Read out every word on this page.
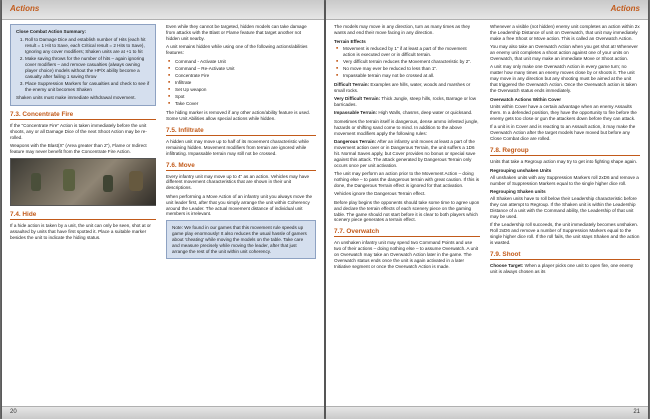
Actions
Close Combat Action Summary:
1. Roll to Damage Dice and establish number of Hits (each hit result = 1 Hit to Save, each Critical result = 2 Hits to Save), Ignoring any cover modifiers; Shaken units are at +1 to hit
2. Make saving throws for the number of hits – again ignoring cover modifiers – and remove casualties (always owning player choice) models without the HP/X ability become a casualty after failing 1 saving throw
3. Place Suppression Markers for casualties and check to see if the enemy unit becomes Shaken
Shaken units must make immediate withdrawal movement.
7.3. Concentrate Fire

If the "Concentrate Fire" Action is taken immediately before the unit shoots, any or all Damage Dice of the next Shoot Action may be re-rolled.

Weapons with the Blast(X" (Area greater than 2"), Flame or Indirect feature may never benefit from the Concentrate Fire Action.

7.4. Hide

If a hide action is taken by a unit, the unit can only be seen, shot at or assaulted by units that have first spotted it. Place a suitable marker besides the unit to indicate the hiding status.

Even while they cannot be targeted, hidden models can take damage from attacks with the Blast or Flame feature that target another not hidden unit nearby.

A unit remains hidden while using one of the following actions/abilities features:

■ Command - Activate Unit
■ Command – Re-Activate Unit
■ Concentrate Fire
■ Infiltrate
■ Set Up weapon
■ Spot
■ Take Cover

The hiding marker is removed if any other action/ability feature is used. Some Unit Abilities allow special actions while hidden.

7.5. Infiltrate

A hidden unit may move up to half of its movement characteristic while remaining hidden. Movement modifiers from terrain are ignored while infiltrating. Impassable terrain may still not be crossed.

7.6. Move

Every infantry unit may move up to 4" as an action. Vehicles may have different movement characteristics that are shown in their unit descriptions.

When performing a Move Action of an infantry unit you always move the unit leader first, after that you simply arrange the unit within Coherency around the Leader. The actual movement distance of individual unit members is irrelevant.

Note: We found in our games that this movement rule speeds up game play enormously! It also reduces the usual hassle of gamers about 'cheating' while moving the models on the table. Take care and measure precisely while moving the leader, after that just arrange the rest of the unit within unit coherency.
20
Actions

The models may move in any direction, turn as many times as they wants and end their move facing in any direction.

Terrain Effects
■ Movement is reduced by 1" if at least a part of the movement action is executed over or in difficult terrain.
■ Very difficult terrain reduces the Movement characteristic by 2".
■ No move may ever be reduced to less than 1".
■ Impassable terrain may not be crossed at all.

Difficult Terrain: Examples are hills, water, woods and marshes or small rocks.

Very Difficult Terrain: Thick Jungle, steep hills, rocks, Barrage or low barricades.

Impassable Terrain: High Walls, chasms, deep water or quicksand.

Sometimes the terrain itself is dangerous, dense ammo infested jungle, hazards or shifting sand come to mind. In addition to the above movement modifiers apply the following rules:

Dangerous Terrain: After an infantry unit moves at least a part of the movement action over or in Dangerous Terrain, the unit suffers a 1D6 hit. Normal Saves apply, but Cover provides no bonus or special save against this attack. The attack generated by Dangerous Terrain only occurs once per unit activation.

The unit may perform an action prior to the Movement Action – doing nothing else – to pass the dangerous terrain with great caution. If this is done, the Dangerous Terrain effect is ignored for that activation.

Vehicles ignore the Dangerous Terrain effect.

Before play begins the opponents should take some time to agree upon and declare the terrain effects of each scenery piece on the gaming table. The game should not start before it is clear to both players which scenery piece generates a terrain effect.

7.7. Overwatch

An unshaken infantry unit may spend two Command Points and use two of their actions – doing nothing else – to assume Overwatch. A unit on Overwatch may take an Overwatch Action later in the game. The Overwatch status ends once the unit is again activated in a later Initiative segment or once the Overwatch Action is made.

Whenever a visible (not hidden) enemy unit completes an action within 2x the Leadership Distance of unit on Overwatch, that unit may immediately make a free Shoot or Move action. This is called an Overwatch Action.

You may also take an Overwatch Action when you get shot at! Whenever an enemy unit completes a shoot action against one of your units on Overwatch, that unit may make an immediate Move or Shoot action.

A unit may only make one Overwatch Action in every game turn; no matter how many times an enemy moves close by or shoots it. The unit may move in any direction but any shooting must be aimed at the unit that triggered the Overwatch Action. Once the Overwatch action is taken the Overwatch status ends immediately.

Overwatch Actions Within Cover

Units within Cover have a certain advantage when an enemy Assaults them. In a defended position, they have the opportunity to fire before the enemy gets too close or gun the attackers down before they can attack.

If a unit is in Cover and is reacting to an Assault action, it may make the Overwatch Action after the target models have moved but before any Close Combat dice are rolled.

7.8. Regroup

Units that take a Regroup action may try to get into fighting shape again.

Regrouping unshaken Units

All unshaken units with any Suppression Markers roll 2xD6 and remove a number of Suppression Markers equal to the single higher dice roll.

Regrouping Shaken units

All Shaken units have to roll below their Leadership characteristic before they can attempt to Regroup. If the Shaken unit is within the Leadership Distance of a unit with the Command ability, the Leadership of that unit may be used.

If the Leadership roll succeeds, the unit immediately becomes unshaken. Roll 2xD6 and remove a number of Suppression Markers equal to the single higher dice roll. If the roll fails, the unit stays Shaken and the action is wasted.

7.9. Shoot

Choose Target: When a player picks one unit to open fire, one enemy unit is always chosen as its

21
